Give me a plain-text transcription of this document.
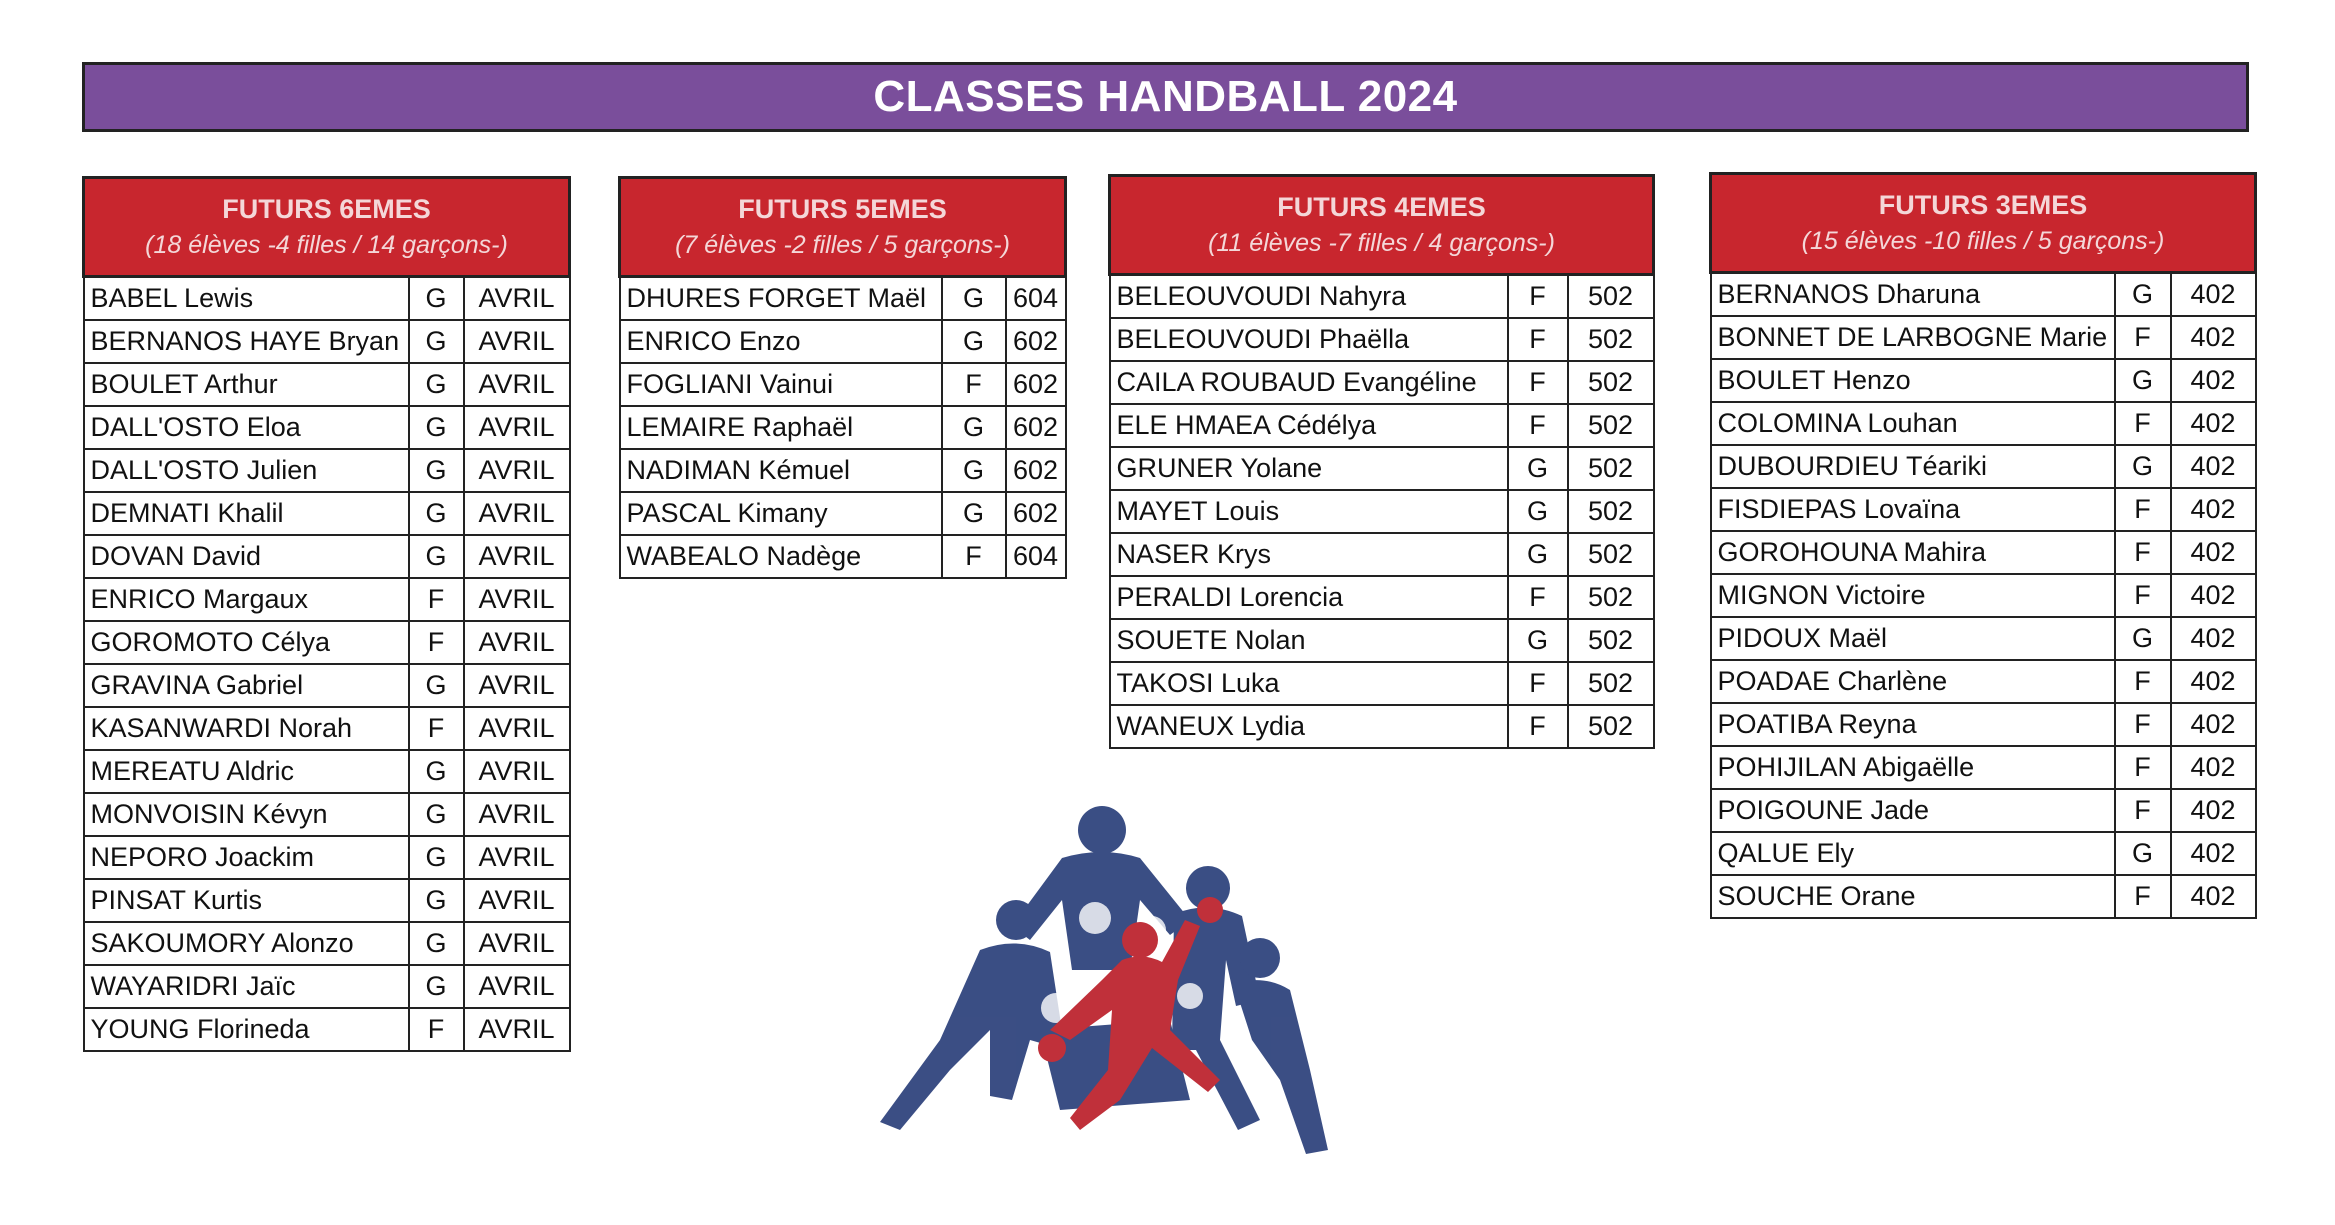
CLASSES HANDBALL 2024
FUTURS 6EMES
(18 élèves -4 filles / 14 garçons-)		

BABEL Lewis	G	AVRIL
BERNANOS HAYE Bryan	G	AVRIL
BOULET Arthur	G	AVRIL
DALL'OSTO Eloa	G	AVRIL
DALL'OSTO Julien	G	AVRIL
DEMNATI Khalil	G	AVRIL
DOVAN David	G	AVRIL
ENRICO Margaux	F	AVRIL
GOROMOTO Célya	F	AVRIL
GRAVINA Gabriel	G	AVRIL
KASANWARDI Norah	F	AVRIL
MEREATU Aldric	G	AVRIL
MONVOISIN Kévyn	G	AVRIL
NEPORO Joackim	G	AVRIL
PINSAT Kurtis	G	AVRIL
SAKOUMORY Alonzo	G	AVRIL
WAYARIDRI Jaïc	G	AVRIL
YOUNG Florineda	F	AVRIL
FUTURS 5EMES
(7 élèves -2 filles / 5 garçons-)		

DHURES FORGET Maël	G	604
ENRICO Enzo	G	602
FOGLIANI Vainui	F	602
LEMAIRE Raphaël	G	602
NADIMAN Kémuel	G	602
PASCAL Kimany	G	602
WABEALO Nadège	F	604
FUTURS 4EMES
(11 élèves -7 filles / 4 garçons-)		

BELEOUVOUDI Nahyra	F	502
BELEOUVOUDI Phaëlla	F	502
CAILA ROUBAUD Evangéline	F	502
ELE HMAEA Cédélya	F	502
GRUNER Yolane	G	502
MAYET Louis	G	502
NASER Krys	G	502
PERALDI Lorencia	F	502
SOUETE Nolan	G	502
TAKOSI Luka	F	502
WANEUX Lydia	F	502
FUTURS 3EMES
(15 élèves -10 filles / 5 garçons-)		

BERNANOS Dharuna	G	402
BONNET DE LARBOGNE Marie	F	402
BOULET Henzo	G	402
COLOMINA Louhan	F	402
DUBOURDIEU Téariki	G	402
FISDIEPAS Lovaïna	F	402
GOROHOUNA Mahira	F	402
MIGNON Victoire	F	402
PIDOUX Maël	G	402
POADAE Charlène	F	402
POATIBA Reyna	F	402
POHIJILAN Abigaëlle	F	402
POIGOUNE Jade	F	402
QALUE Ely	G	402
SOUCHE Orane	F	402
